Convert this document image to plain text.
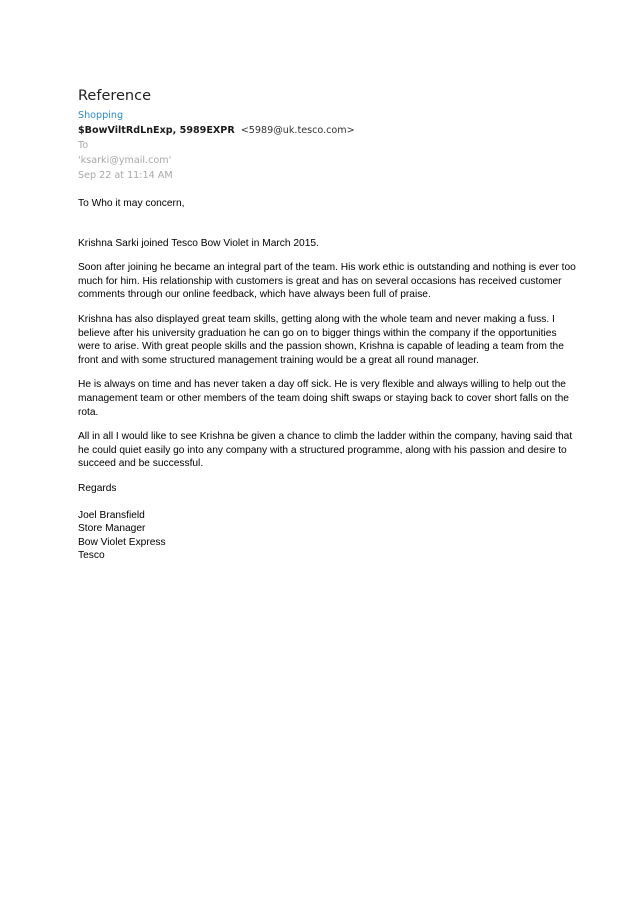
Reference
Shopping
$BowViltRdLnExp, 5989EXPR <5989@uk.tesco.com>
To
'ksarki@ymail.com'
Sep 22 at 11:14 AM

To Who it may concern,

Krishna Sarki joined Tesco Bow Violet in March 2015.

Soon after joining he became an integral part of the team. His work ethic is outstanding and nothing is ever too much for him. His relationship with customers is great and has on several occasions has received customer comments through our online feedback, which have always been full of praise.

Krishna has also displayed great team skills, getting along with the whole team and never making a fuss. I believe after his university graduation he can go on to bigger things within the company if the opportunities were to arise. With great people skills and the passion shown, Krishna is capable of leading a team from the front and with some structured management training would be a great all round manager.

He is always on time and has never taken a day off sick. He is very flexible and always willing to help out the management team or other members of the team doing shift swaps or staying back to cover short falls on the rota.

All in all I would like to see Krishna be given a chance to climb the ladder within the company, having said that he could quiet easily go into any company with a structured programme, along with his passion and desire to succeed and be successful.

Regards

Joel Bransfield
Store Manager
Bow Violet Express
Tesco
